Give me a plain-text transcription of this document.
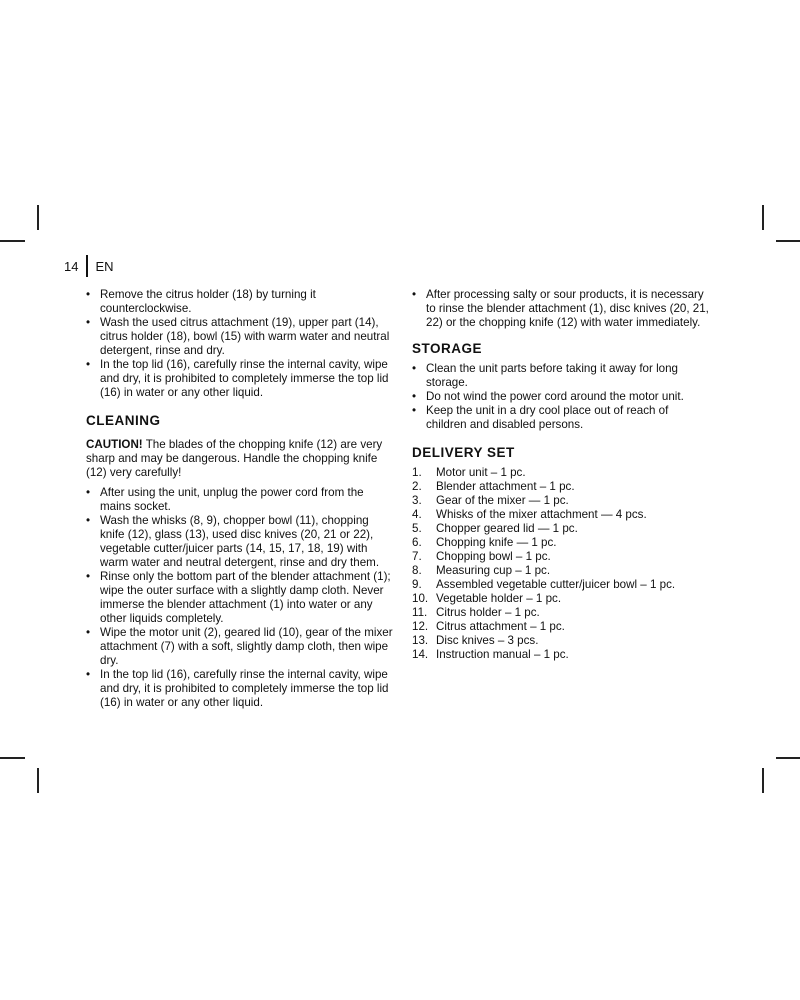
14 EN
• Remove the citrus holder (18) by turning it counterclockwise.
• Wash the used citrus attachment (19), upper part (14), citrus holder (18), bowl (15) with warm water and neutral detergent, rinse and dry.
• In the top lid (16), carefully rinse the internal cavity, wipe and dry, it is prohibited to completely immerse the top lid (16) in water or any other liquid.
CLEANING

CAUTION! The blades of the chopping knife (12) are very sharp and may be dangerous. Handle the chopping knife (12) very carefully!

• After using the unit, unplug the power cord from the mains socket.
• Wash the whisks (8, 9), chopper bowl (11), chopping knife (12), glass (13), used disc knives (20, 21 or 22), vegetable cutter/juicer parts (14, 15, 17, 18, 19) with warm water and neutral detergent, rinse and dry them.
• Rinse only the bottom part of the blender attachment (1); wipe the outer surface with a slightly damp cloth. Never immerse the blender attachment (1) into water or any other liquids completely.
• Wipe the motor unit (2), geared lid (10), gear of the mixer attachment (7) with a soft, slightly damp cloth, then wipe dry.
• In the top lid (16), carefully rinse the internal cavity, wipe and dry, it is prohibited to completely immerse the top lid (16) in water or any other liquid.
• After processing salty or sour products, it is necessary to rinse the blender attachment (1), disc knives (20, 21, 22) or the chopping knife (12) with water immediately.
STORAGE
• Clean the unit parts before taking it away for long storage.
• Do not wind the power cord around the motor unit.
• Keep the unit in a dry cool place out of reach of children and disabled persons.
DELIVERY SET
1.	Motor unit – 1 pc.
2.	Blender attachment – 1 pc.
3.	Gear of the mixer — 1 pc.
4.	Whisks of the mixer attachment — 4 pcs.
5.	Chopper geared lid — 1 pc.
6.	Chopping knife — 1 pc.
7.	Chopping bowl – 1 pc.
8.	Measuring cup – 1 pc.
9.	Assembled vegetable cutter/juicer bowl – 1 pc.
10. Vegetable holder – 1 pc.
11. Citrus holder – 1 pc.
12. Citrus attachment – 1 pc.
13. Disc knives – 3 pcs.
14. Instruction manual – 1 pc.
